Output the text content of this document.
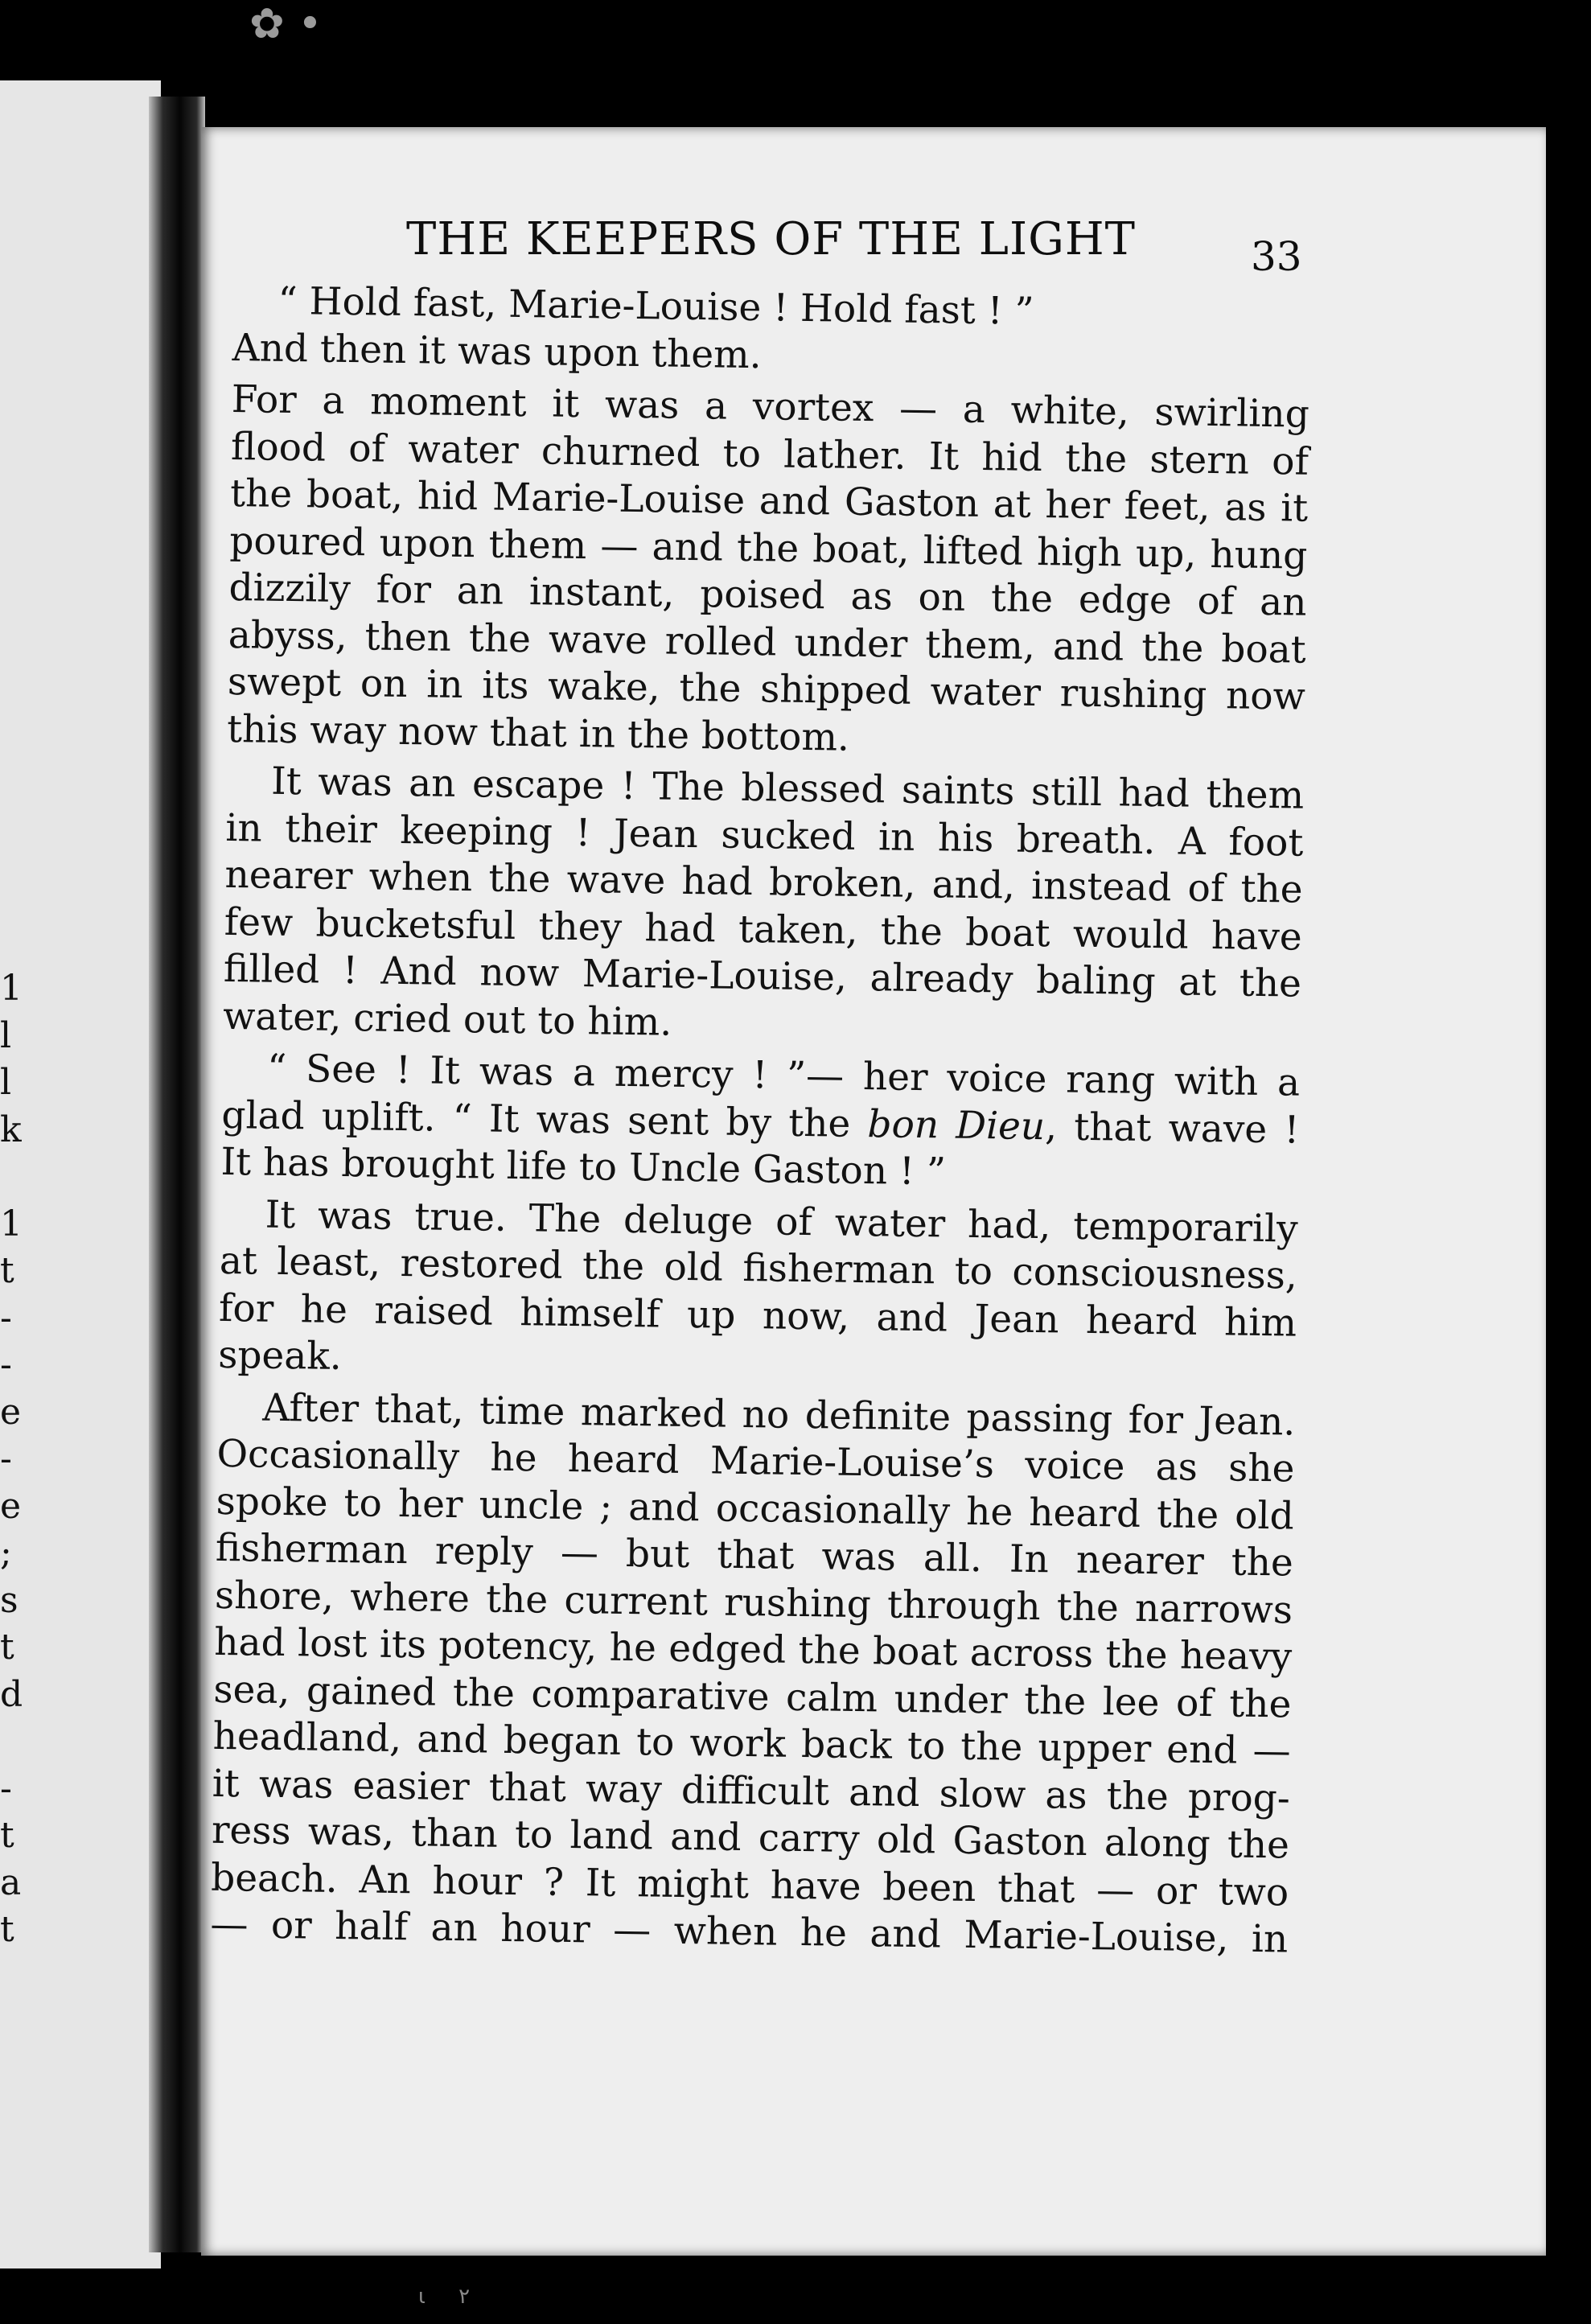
✿ •
1
l
l
k
1
t
-
-
e
-
e
;
s
t
d
-
t
a
t
THE KEEPERS OF THE LIGHT	33
“ Hold fast, Marie-Louise ! Hold fast ! ”
And then it was upon them.
For a moment it was a vortex — a white, swirling
flood of water churned to lather. It hid the stern of
the boat, hid Marie-Louise and Gaston at her feet, as it
poured upon them — and the boat, lifted high up, hung
dizzily for an instant, poised as on the edge of an
abyss, then the wave rolled under them, and the boat
swept on in its wake, the shipped water rushing now
this way now that in the bottom.
It was an escape ! The blessed saints still had them
in their keeping ! Jean sucked in his breath. A foot
nearer when the wave had broken, and, instead of the
few bucketsful they had taken, the boat would have
filled ! And now Marie-Louise, already baling at the
water, cried out to him.
“ See ! It was a mercy ! ”— her voice rang with a
glad uplift. “ It was sent by the bon Dieu, that wave !
It has brought life to Uncle Gaston ! ”
It was true. The deluge of water had, temporarily
at least, restored the old fisherman to consciousness,
for he raised himself up now, and Jean heard him
speak.
After that, time marked no definite passing for Jean.
Occasionally he heard Marie-Louise’s voice as she
spoke to her uncle ; and occasionally he heard the old
fisherman reply — but that was all. In nearer the
shore, where the current rushing through the narrows
had lost its potency, he edged the boat across the heavy
sea, gained the comparative calm under the lee of the
headland, and began to work back to the upper end —
it was easier that way difficult and slow as the prog-
ress was, than to land and carry old Gaston along the
beach. An hour ? It might have been that — or two
— or half an hour — when he and Marie-Louise, in
ι     ٢
